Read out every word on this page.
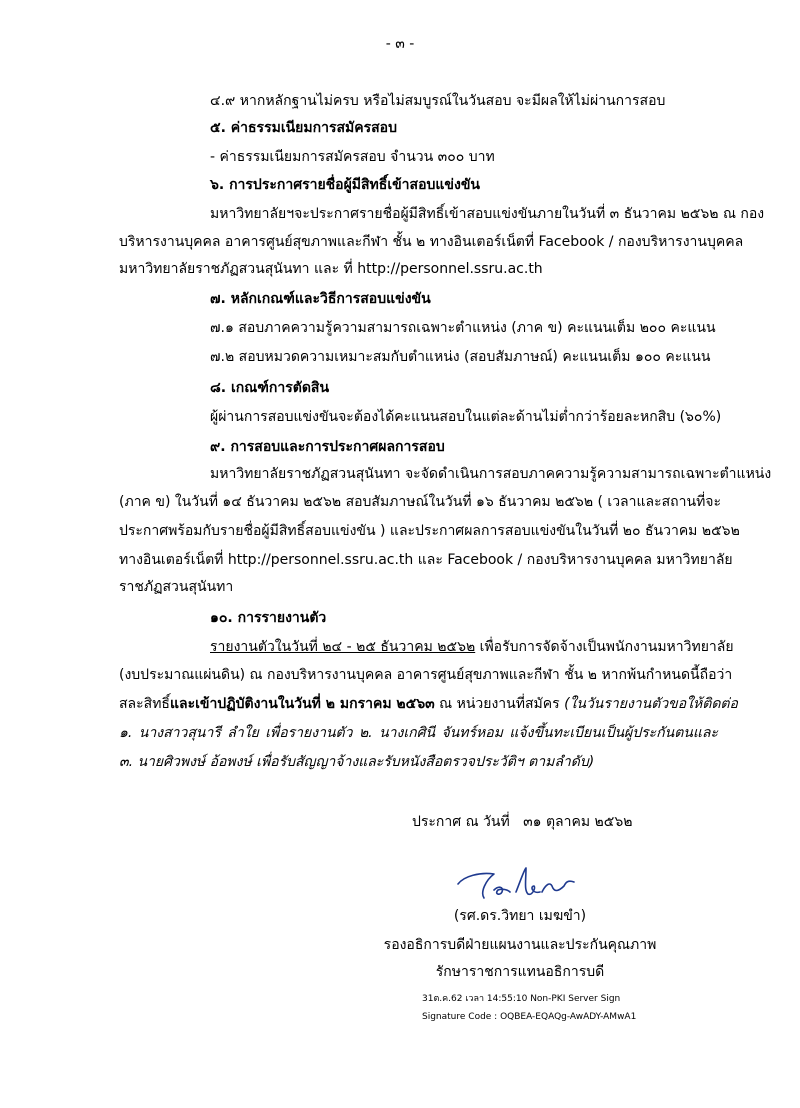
- ๓ -
๔.๙ หากหลักฐานไม่ครบ หรือไม่สมบูรณ์ในวันสอบ จะมีผลให้ไม่ผ่านการสอบ
๕. ค่าธรรมเนียมการสมัครสอบ
- ค่าธรรมเนียมการสมัครสอบ จำนวน ๓๐๐ บาท
๖. การประกาศรายชื่อผู้มีสิทธิ์เข้าสอบแข่งขัน
มหาวิทยาลัยฯจะประกาศรายชื่อผู้มีสิทธิ์เข้าสอบแข่งขันภายในวันที่ ๓ ธันวาคม ๒๕๖๒ ณ กอง
บริหารงานบุคคล อาคารศูนย์สุขภาพและกีฬา ชั้น ๒ ทางอินเตอร์เน็ตที่ Facebook / กองบริหารงานบุคคล
มหาวิทยาลัยราชภัฏสวนสุนันทา และ ที่ http://personnel.ssru.ac.th
๗. หลักเกณฑ์และวิธีการสอบแข่งขัน
๗.๑ สอบภาคความรู้ความสามารถเฉพาะตำแหน่ง (ภาค ข) คะแนนเต็ม ๒๐๐ คะแนน
๗.๒ สอบหมวดความเหมาะสมกับตำแหน่ง (สอบสัมภาษณ์) คะแนนเต็ม ๑๐๐ คะแนน
๘. เกณฑ์การตัดสิน
ผู้ผ่านการสอบแข่งขันจะต้องได้คะแนนสอบในแต่ละด้านไม่ต่ำกว่าร้อยละหกสิบ (๖๐%)
๙. การสอบและการประกาศผลการสอบ
มหาวิทยาลัยราชภัฏสวนสุนันทา จะจัดดำเนินการสอบภาคความรู้ความสามารถเฉพาะตำแหน่ง
(ภาค ข) ในวันที่ ๑๔ ธันวาคม ๒๕๖๒ สอบสัมภาษณ์ในวันที่ ๑๖ ธันวาคม ๒๕๖๒ ( เวลาและสถานที่จะ
ประกาศพร้อมกับรายชื่อผู้มีสิทธิ์สอบแข่งขัน ) และประกาศผลการสอบแข่งขันในวันที่ ๒๐ ธันวาคม ๒๕๖๒
ทางอินเตอร์เน็ตที่ http://personnel.ssru.ac.th และ Facebook / กองบริหารงานบุคคล มหาวิทยาลัย
ราชภัฏสวนสุนันทา
๑๐. การรายงานตัว
รายงานตัวในวันที่ ๒๔ - ๒๕ ธันวาคม ๒๕๖๒ เพื่อรับการจัดจ้างเป็นพนักงานมหาวิทยาลัย
(งบประมาณแผ่นดิน) ณ กองบริหารงานบุคคล อาคารศูนย์สุขภาพและกีฬา ชั้น ๒ หากพ้นกำหนดนี้ถือว่า
สละสิทธิ์และเข้าปฏิบัติงานในวันที่ ๒ มกราคม ๒๕๖๓ ณ หน่วยงานที่สมัคร (ในวันรายงานตัวขอให้ติดต่อ
๑. นางสาวสุนารี ลำใย เพื่อรายงานตัว ๒. นางเกศินี จันทร์หอม แจ้งขึ้นทะเบียนเป็นผู้ประกันตนและ
๓. นายศิวพงษ์ อ้อพงษ์ เพื่อรับสัญญาจ้างและรับหนังสือตรวจประวัติฯ ตามลำดับ)
ประกาศ ณ วันที่ ๓๑ ตุลาคม ๒๕๖๒
(รศ.ดร.วิทยา เมฆขำ)
รองอธิการบดีฝ่ายแผนงานและประกันคุณภาพ
รักษาราชการแทนอธิการบดี
31ต.ค.62 เวลา 14:55:10 Non-PKI Server Sign
Signature Code : OQBEA-EQAQg-AwADY-AMwA1
